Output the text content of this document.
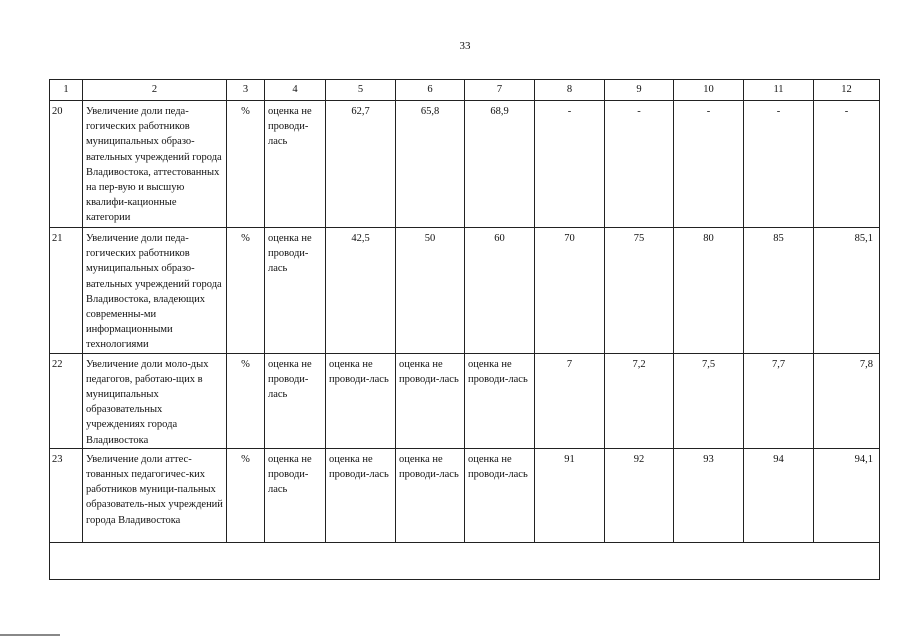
33
1	2	3	4	5	6	7	8	9	10	11	12
20	Увеличение доли педа-гогических работников муниципальных образо-вательных учреждений города Владивостока, аттестованных на пер-вую и высшую квалифи-кационные категории	%	оценка не проводи-лась	62,7	65,8	68,9	-	-	-	-	-
21	Увеличение доли педа-гогических работников муниципальных образо-вательных учреждений города Владивостока, владеющих современны-ми информационными технологиями	%	оценка не проводи-лась	42,5	50	60	70	75	80	85	85,1
22	Увеличение доли моло-дых педагогов, работаю-щих в муниципальных образовательных учреждениях города Владивостока	%	оценка не проводи-лась	оценка не проводи-лась	оценка не проводи-лась	оценка не проводи-лась	7	7,2	7,5	7,7	7,8
23	Увеличение доли аттес-тованных педагогичес-ких работников муници-пальных образователь-ных учреждений города Владивостока	%	оценка не проводи-лась	оценка не проводи-лась	оценка не проводи-лась	оценка не проводи-лась	91	92	93	94	94,1
